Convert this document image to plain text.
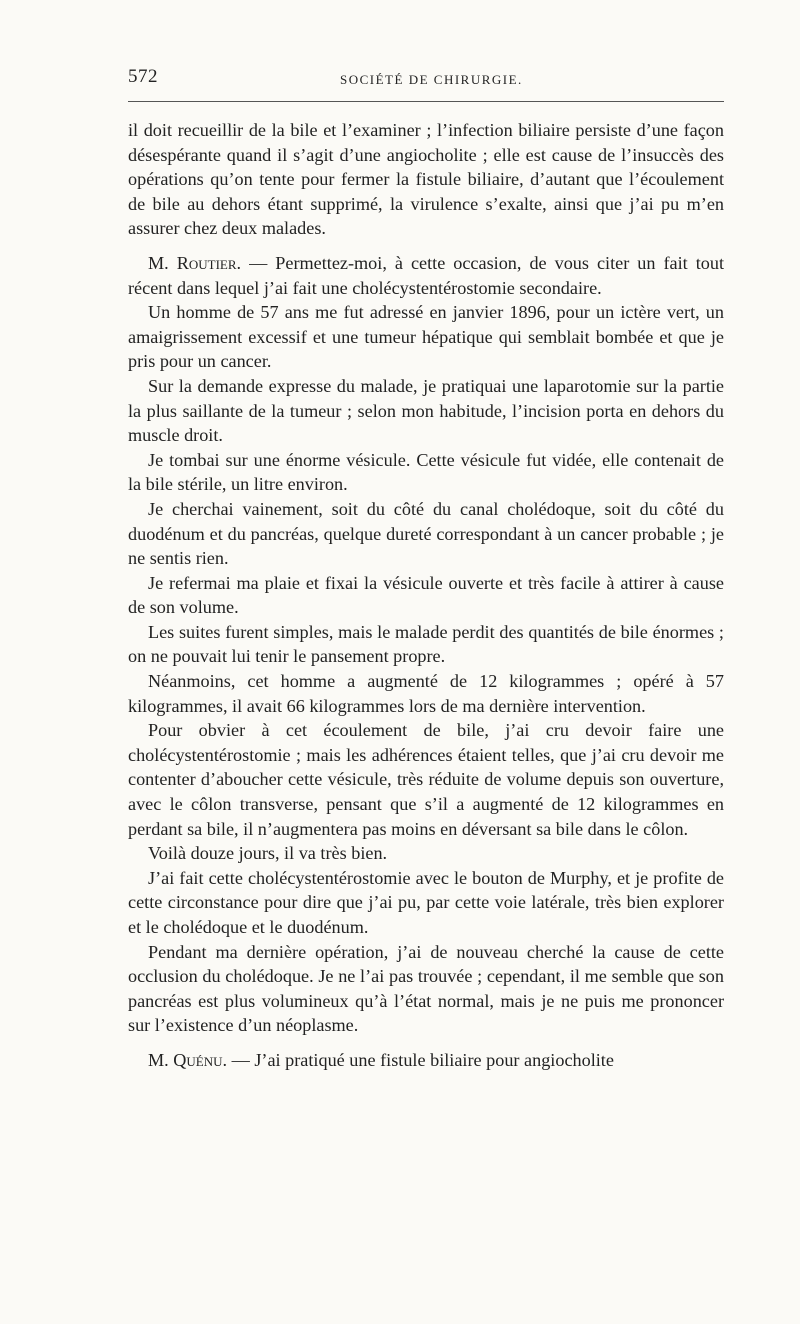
572	SOCIÉTÉ DE CHIRURGIE.

il doit recueillir de la bile et l’examiner ; l’infection biliaire persiste d’une façon désespérante quand il s’agit d’une angiocholite ; elle est cause de l’insuccès des opérations qu’on tente pour fermer la fistule biliaire, d’autant que l’écoulement de bile au dehors étant supprimé, la virulence s’exalte, ainsi que j’ai pu m’en assurer chez deux malades.

M. Routier. — Permettez-moi, à cette occasion, de vous citer un fait tout récent dans lequel j’ai fait une cholécystentérostomie secondaire.

Un homme de 57 ans me fut adressé en janvier 1896, pour un ictère vert, un amaigrissement excessif et une tumeur hépatique qui semblait bombée et que je pris pour un cancer.

Sur la demande expresse du malade, je pratiquai une laparotomie sur la partie la plus saillante de la tumeur ; selon mon habitude, l’incision porta en dehors du muscle droit.

Je tombai sur une énorme vésicule. Cette vésicule fut vidée, elle contenait de la bile stérile, un litre environ.

Je cherchai vainement, soit du côté du canal cholédoque, soit du côté du duodénum et du pancréas, quelque dureté correspondant à un cancer probable ; je ne sentis rien.

Je refermai ma plaie et fixai la vésicule ouverte et très facile à attirer à cause de son volume.

Les suites furent simples, mais le malade perdit des quantités de bile énormes ; on ne pouvait lui tenir le pansement propre.

Néanmoins, cet homme a augmenté de 12 kilogrammes ; opéré à 57 kilogrammes, il avait 66 kilogrammes lors de ma dernière intervention.

Pour obvier à cet écoulement de bile, j’ai cru devoir faire une cholécystentérostomie ; mais les adhérences étaient telles, que j’ai cru devoir me contenter d’aboucher cette vésicule, très réduite de volume depuis son ouverture, avec le côlon transverse, pensant que s’il a augmenté de 12 kilogrammes en perdant sa bile, il n’augmentera pas moins en déversant sa bile dans le côlon.

Voilà douze jours, il va très bien.

J’ai fait cette cholécystentérostomie avec le bouton de Murphy, et je profite de cette circonstance pour dire que j’ai pu, par cette voie latérale, très bien explorer et le cholédoque et le duodénum.

Pendant ma dernière opération, j’ai de nouveau cherché la cause de cette occlusion du cholédoque. Je ne l’ai pas trouvée ; cependant, il me semble que son pancréas est plus volumineux qu’à l’état normal, mais je ne puis me prononcer sur l’existence d’un néoplasme.

M. Quénu. — J’ai pratiqué une fistule biliaire pour angiocholite
